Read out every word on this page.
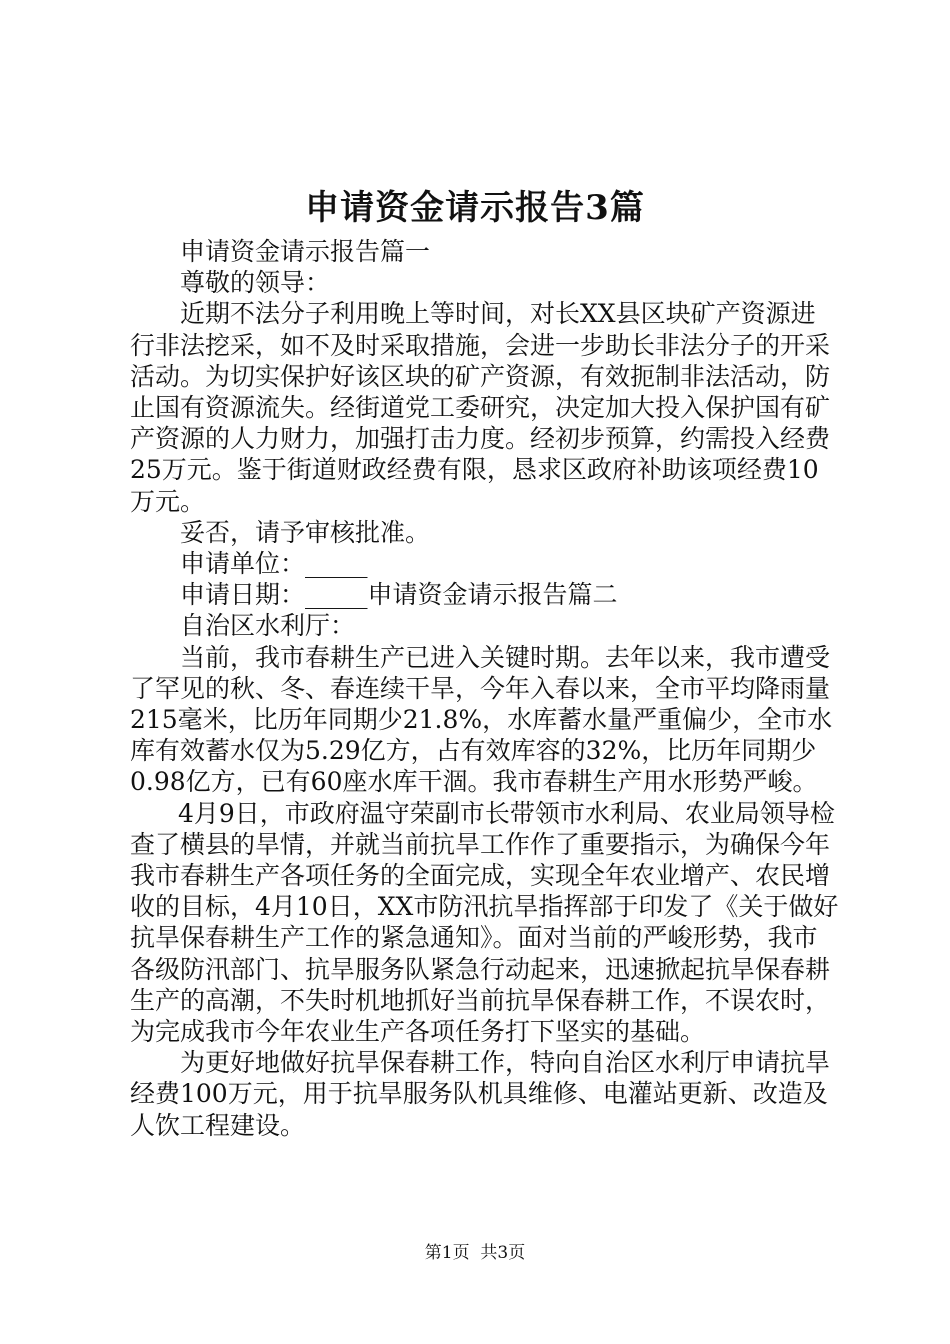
申请资金请示报告3篇

申请资金请示报告篇一

尊敬的领导：

近期不法分子利用晚上等时间，对长XX县区块矿产资源进行非法挖采，如不及时采取措施，会进一步助长非法分子的开采活动。为切实保护好该区块的矿产资源，有效扼制非法活动，防止国有资源流失。经街道党工委研究，决定加大投入保护国有矿产资源的人力财力，加强打击力度。经初步预算，约需投入经费25万元。鉴于街道财政经费有限，恳求区政府补助该项经费10万元。

妥否，请予审核批准。

申请单位：_____

申请日期：_____申请资金请示报告篇二

自治区水利厅：

当前，我市春耕生产已进入关键时期。去年以来，我市遭受了罕见的秋、冬、春连续干旱，今年入春以来，全市平均降雨量215毫米，比历年同期少21.8%，水库蓄水量严重偏少，全市水库有效蓄水仅为5.29亿方，占有效库容的32%，比历年同期少0.98亿方，已有60座水库干涸。我市春耕生产用水形势严峻。

4月9日，市政府温守荣副市长带领市水利局、农业局领导检查了横县的旱情，并就当前抗旱工作作了重要指示，为确保今年我市春耕生产各项任务的全面完成，实现全年农业增产、农民增收的目标，4月10日，XX市防汛抗旱指挥部于印发了《关于做好抗旱保春耕生产工作的紧急通知》。面对当前的严峻形势，我市各级防汛部门、抗旱服务队紧急行动起来，迅速掀起抗旱保春耕生产的高潮，不失时机地抓好当前抗旱保春耕工作，不误农时，为完成我市今年农业生产各项任务打下坚实的基础。

为更好地做好抗旱保春耕工作，特向自治区水利厅申请抗旱经费100万元，用于抗旱服务队机具维修、电灌站更新、改造及人饮工程建设。

第1页 共3页
